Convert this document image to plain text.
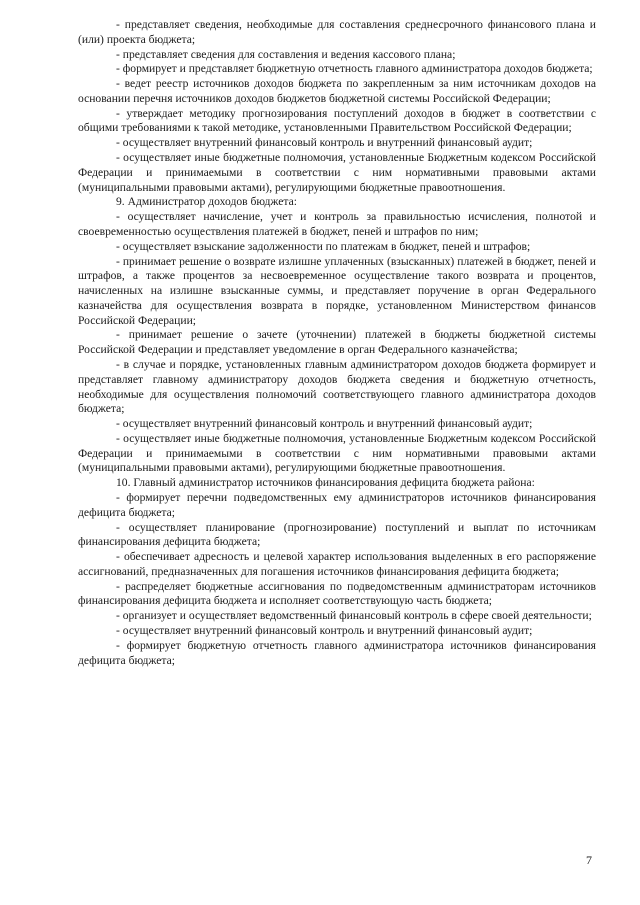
- представляет сведения, необходимые для составления среднесрочного финансового плана и (или) проекта бюджета;

- представляет сведения для составления и ведения кассового плана;

- формирует и представляет бюджетную отчетность главного администратора доходов бюджета;

- ведет реестр источников доходов бюджета по закрепленным за ним источникам доходов на основании перечня источников доходов бюджетов бюджетной системы Российской Федерации;

- утверждает методику прогнозирования поступлений доходов в бюджет в соответствии с общими требованиями к такой методике, установленными Правительством Российской Федерации;

- осуществляет внутренний финансовый контроль и внутренний финансовый аудит;

- осуществляет иные бюджетные полномочия, установленные Бюджетным кодексом Российской Федерации и принимаемыми в соответствии с ним нормативными правовыми актами (муниципальными правовыми актами), регулирующими бюджетные правоотношения.

9. Администратор доходов бюджета:

- осуществляет начисление, учет и контроль за правильностью исчисления, полнотой и своевременностью осуществления платежей в бюджет, пеней и штрафов по ним;

- осуществляет взыскание задолженности по платежам в бюджет, пеней и штрафов;

- принимает решение о возврате излишне уплаченных (взысканных) платежей в бюджет, пеней и штрафов, а также процентов за несвоевременное осуществление такого возврата и процентов, начисленных на излишне взысканные суммы, и представляет поручение в орган Федерального казначейства для осуществления возврата в порядке, установленном Министерством финансов Российской Федерации;

- принимает решение о зачете (уточнении) платежей в бюджеты бюджетной системы Российской Федерации и представляет уведомление в орган Федерального казначейства;

- в случае и порядке, установленных главным администратором доходов бюджета формирует и представляет главному администратору доходов бюджета сведения и бюджетную отчетность, необходимые для осуществления полномочий соответствующего главного администратора доходов бюджета;

- осуществляет внутренний финансовый контроль и внутренний финансовый аудит;

- осуществляет иные бюджетные полномочия, установленные Бюджетным кодексом Российской Федерации и принимаемыми в соответствии с ним нормативными правовыми актами (муниципальными правовыми актами), регулирующими бюджетные правоотношения.

10. Главный администратор источников финансирования дефицита бюджета района:

- формирует перечни подведомственных ему администраторов источников финансирования дефицита бюджета;

- осуществляет планирование (прогнозирование) поступлений и выплат по источникам финансирования дефицита бюджета;

- обеспечивает адресность и целевой характер использования выделенных в его распоряжение ассигнований, предназначенных для погашения источников финансирования дефицита бюджета;

- распределяет бюджетные ассигнования по подведомственным администраторам источников финансирования дефицита бюджета и исполняет соответствующую часть бюджета;

- организует и осуществляет ведомственный финансовый контроль в сфере своей деятельности;

- осуществляет внутренний финансовый контроль и внутренний финансовый аудит;

- формирует бюджетную отчетность главного администратора источников финансирования дефицита бюджета;

7
